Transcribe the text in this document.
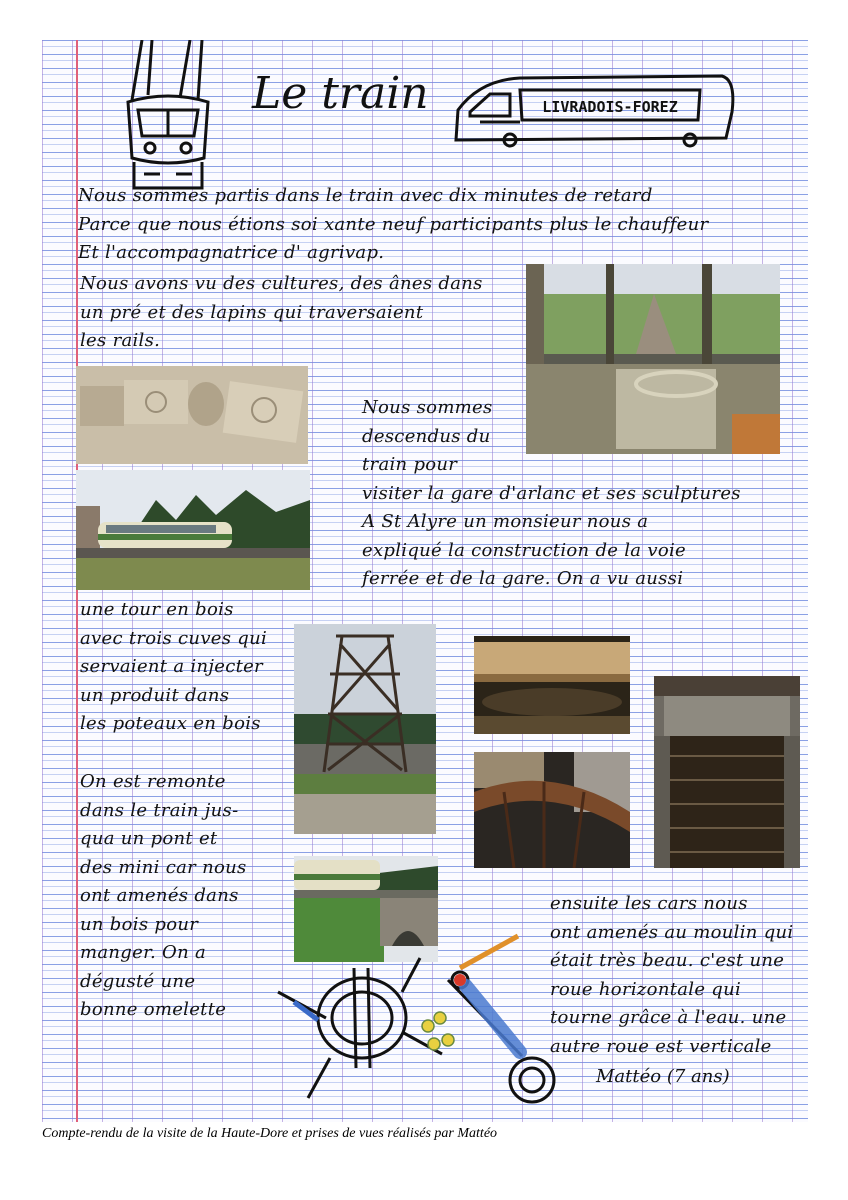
Le train	LIVRADOIS-FOREZ
Nous sommes partis dans le train avec dix minutes de retard
Parce que nous étions soi xante neuf participants plus le chauffeur
Et l'accompagnatrice d' agrivap.
Nous avons vu des cultures, des ânes dans
un pré et des lapins qui traversaient
les rails.
Nous sommes
descendus du
train pour
visiter la gare d'arlanc et ses sculptures
A St Alyre un monsieur nous a
expliqué la construction de la voie
ferrée et de la gare. On a vu aussi
une tour en bois
avec trois cuves qui
servaient a injecter
un produit dans
les poteaux en bois
On est remonte
dans le train jus-
qua un pont et
des mini car nous
ont amenés dans
un bois pour
manger. On a
dégusté une
bonne omelette
ensuite les cars nous
ont amenés au moulin qui
était très beau. c'est une
roue horizontale qui
tourne grâce à l'eau. une
autre roue est verticale
Mattéo (7 ans)
Compte-rendu de la visite de la Haute-Dore et prises de vues réalisés par Mattéo
